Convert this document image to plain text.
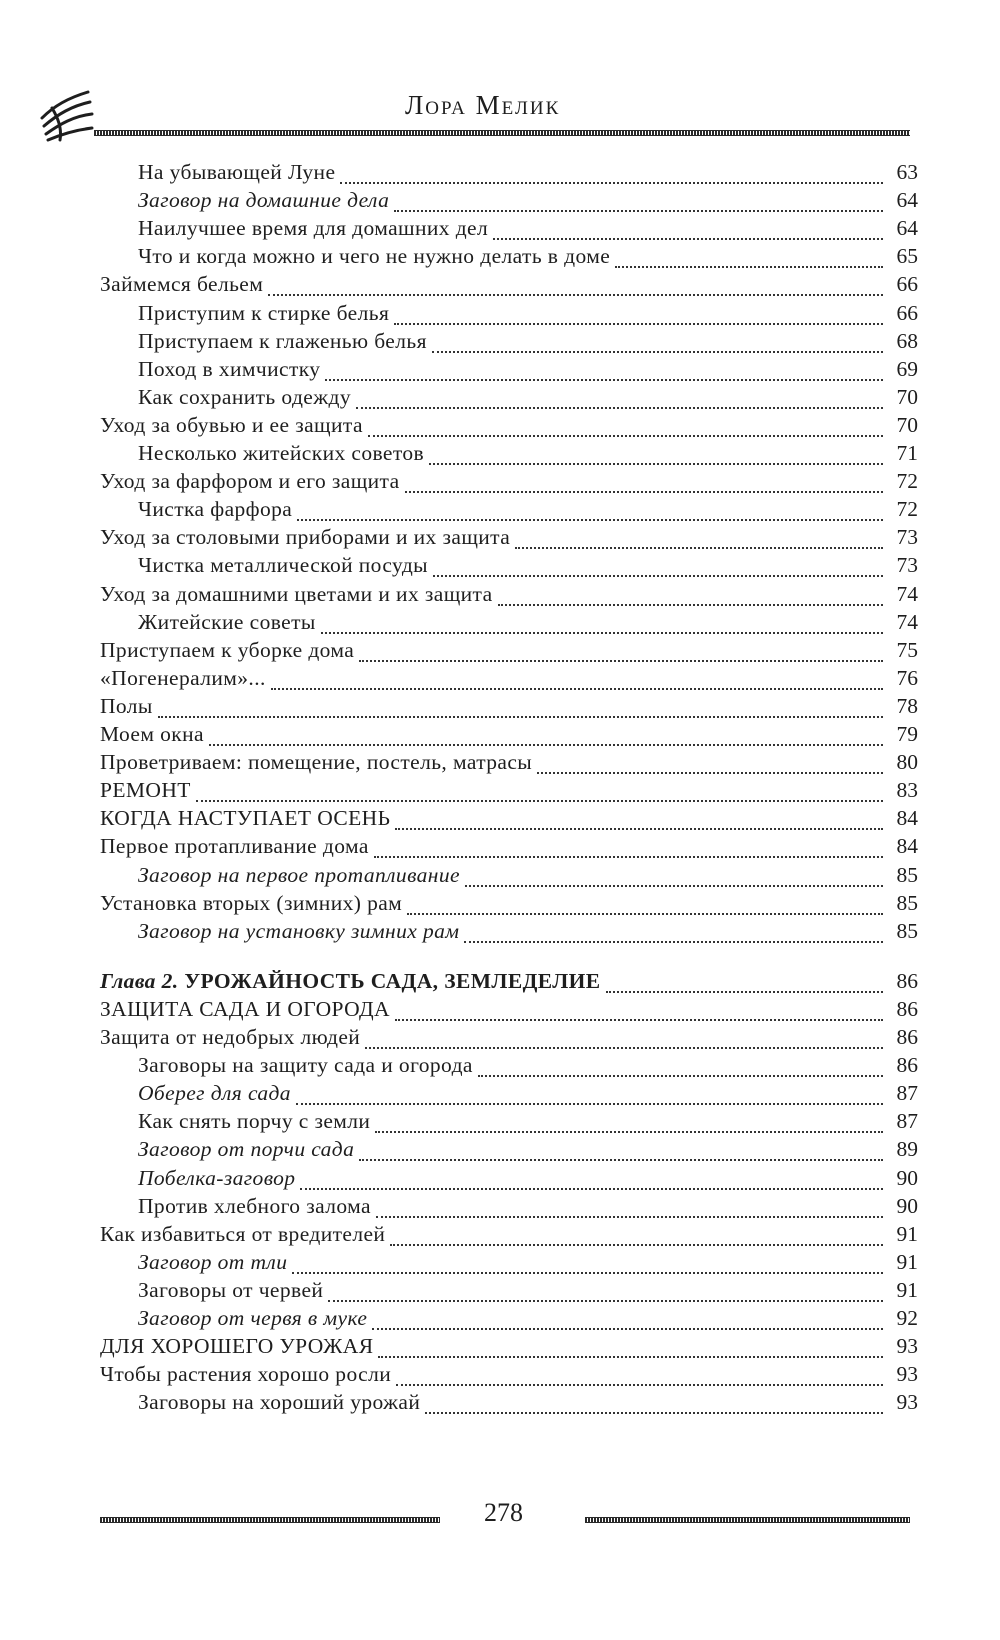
Лора Мелик
На убывающей Луне	63
Заговор на домашние дела	64
Наилучшее время для домашних дел	64
Что и когда можно и чего не нужно делать в доме	65
Займемся бельем	66
Приступим к стирке белья	66
Приступаем к глаженью белья	68
Поход в химчистку	69
Как сохранить одежду	70
Уход за обувью и ее защита	70
Несколько житейских советов	71
Уход за фарфором и его защита	72
Чистка фарфора	72
Уход за столовыми приборами и их защита	73
Чистка металлической посуды	73
Уход за домашними цветами и их защита	74
Житейские советы	74
Приступаем к уборке дома	75
«Погенералим»...	76
Полы	78
Моем окна	79
Проветриваем: помещение, постель, матрасы	80
РЕМОНТ	83
КОГДА НАСТУПАЕТ ОСЕНЬ	84
Первое протапливание дома	84
Заговор на первое протапливание	85
Установка вторых (зимних) рам	85
Заговор на установку зимних рам	85
Глава 2. УРОЖАЙНОСТЬ САДА, ЗЕМЛЕДЕЛИЕ	86
ЗАЩИТА САДА И ОГОРОДА	86
Защита от недобрых людей	86
Заговоры на защиту сада и огорода	86
Оберег для сада	87
Как снять порчу с земли	87
Заговор от порчи сада	89
Побелка-заговор	90
Против хлебного залома	90
Как избавиться от вредителей	91
Заговор от тли	91
Заговоры от червей	91
Заговор от червя в муке	92
ДЛЯ ХОРОШЕГО УРОЖАЯ	93
Чтобы растения хорошо росли	93
Заговоры на хороший урожай	93
278
